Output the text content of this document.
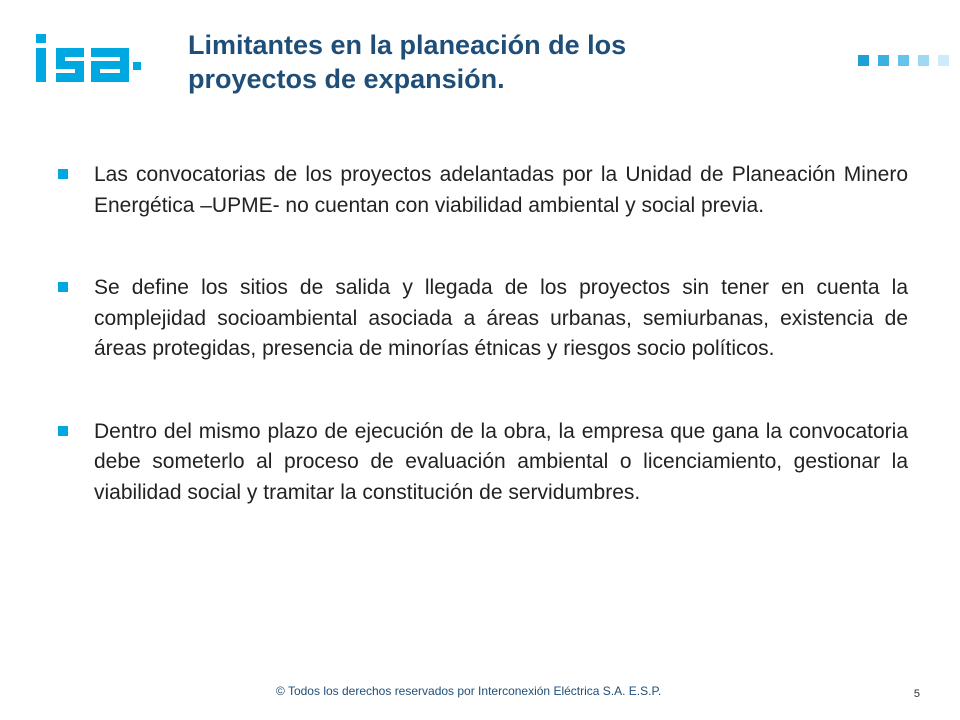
Limitantes en la planeación de los
proyectos de expansión.

Las convocatorias de los proyectos adelantadas por la Unidad de Planeación Minero Energética –UPME- no cuentan con viabilidad ambiental y social previa.

Se define los sitios de salida y llegada de los proyectos sin tener en cuenta la complejidad socioambiental asociada a áreas urbanas, semiurbanas, existencia de áreas protegidas, presencia de minorías étnicas y riesgos socio políticos.

Dentro del mismo plazo de ejecución de la obra, la empresa que gana la convocatoria debe someterlo al proceso de evaluación ambiental o licenciamiento, gestionar la viabilidad social y tramitar la constitución de servidumbres.

© Todos los derechos reservados por Interconexión Eléctrica S.A. E.S.P.	5
